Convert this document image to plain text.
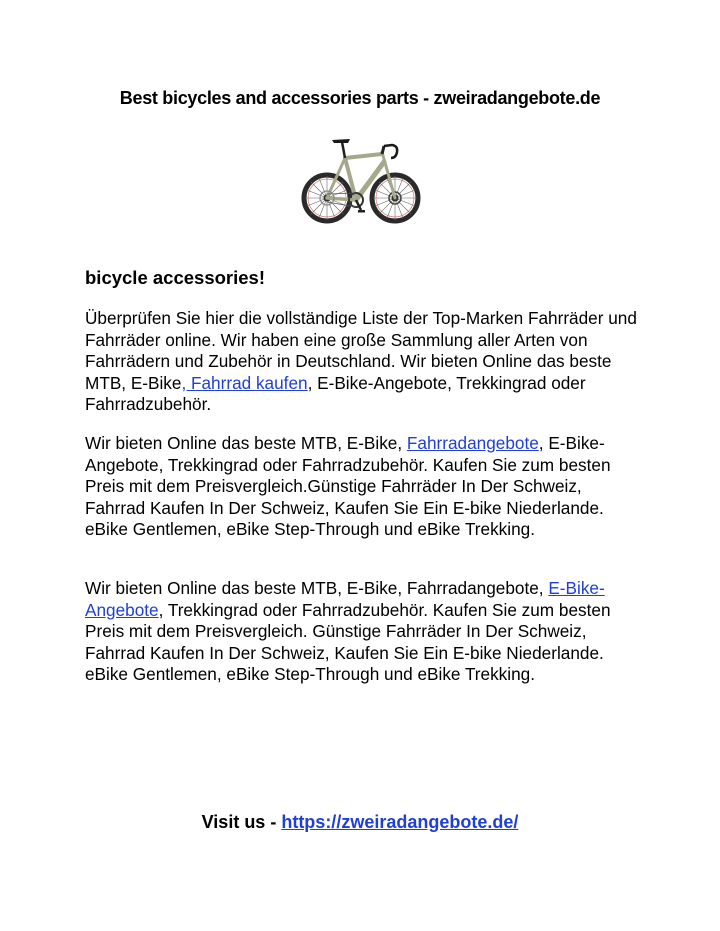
Best bicycles and accessories parts - zweiradangebote.de
bicycle accessories!

Überprüfen Sie hier die vollständige Liste der Top-Marken Fahrräder und Fahrräder online. Wir haben eine große Sammlung aller Arten von Fahrrädern und Zubehör in Deutschland. Wir bieten Online das beste MTB, E-Bike, Fahrrad kaufen, E-Bike-Angebote, Trekkingrad oder Fahrradzubehör.

Wir bieten Online das beste MTB, E-Bike, Fahrradangebote, E-Bike-Angebote, Trekkingrad oder Fahrradzubehör. Kaufen Sie zum besten Preis mit dem Preisvergleich.Günstige Fahrräder In Der Schweiz, Fahrrad Kaufen In Der Schweiz, Kaufen Sie Ein E-bike Niederlande. eBike Gentlemen, eBike Step-Through und eBike Trekking.

Wir bieten Online das beste MTB, E-Bike, Fahrradangebote, E-Bike-Angebote, Trekkingrad oder Fahrradzubehör. Kaufen Sie zum besten Preis mit dem Preisvergleich. Günstige Fahrräder In Der Schweiz, Fahrrad Kaufen In Der Schweiz, Kaufen Sie Ein E-bike Niederlande. eBike Gentlemen, eBike Step-Through und eBike Trekking.

Visit us - https://zweiradangebote.de/
